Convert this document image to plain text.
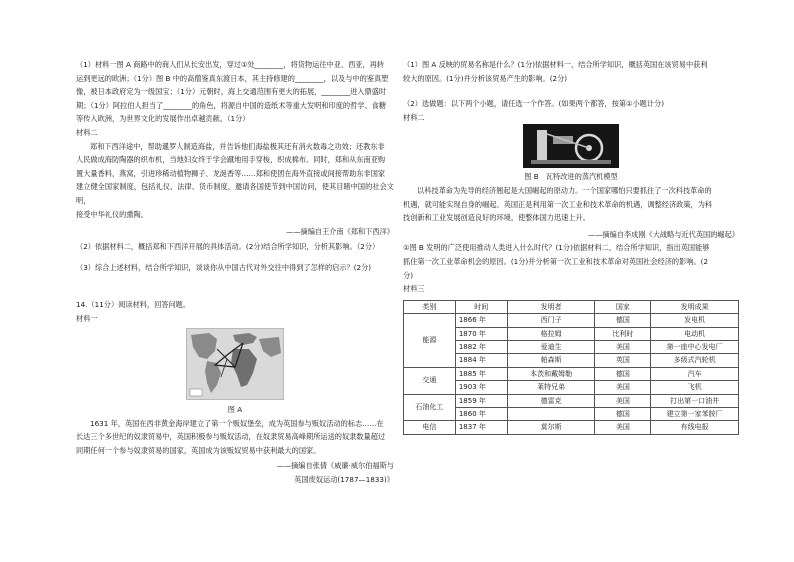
（1）材料一图 A 商路中的商人们从长安出发，穿过①处________，将货物运往中亚、西亚，再转

运到更远的欧洲；（1分）图 B 中的高僧鉴真东渡日本，其主持修建的________，以及与中的鉴真塑

像，被日本政府定为一级国宝；（1分）元朝时，海上交通范围有更大的拓展，________进入鼎盛时

期；（1分）阿拉伯人担当了________的角色，将源自中国的造纸术等重大发明和印度的哲学、食糖

等传入欧洲，为世界文化的发展作出卓越贡献。（1分）

材料二

郑和下西洋途中，帮助暹罗人制造海盐，并告诉他们海盐极其还有消火数毒之功效；还教东非

人民做成海防陶器的织布机，当地妇女终于学会蹴地用手穿梭，织成棉布。同时，郑和从东南亚购

置大量香料，燕窝，引进珍稀动植物狮子、龙涎香等……郑和使团在海外直接或间接帮助东非国家

建立健全国家制度，包括礼仪、法律、货币制度，邀请各国使节到中国访问，使其目睹中国的社会文明，

接受中华礼仪的熏陶。

——摘编自王介南《郑和下西洋》

（2）依据材料二，概括郑和下西洋开展的具体活动。(2分)结合所学知识，分析其影响。（2分）

（3）综合上述材料，结合所学知识，谈谈你从中国古代对外交往中得到了怎样的启示？(2分)

14.（11分）阅读材料，回答问题。

材料一

图 A

1631 年，英国在西非黄金海岸建立了第一个贩奴堡垒，成为英国参与贩奴活动的标志……在

长达三个多世纪的奴隶贸易中，英国积极参与贩奴活动，在奴隶贸易高峰期所运送的奴隶数量超过

同期任何一个参与奴隶贸易的国家，英国成为该贩奴贸易中获利最大的国家。

——摘编自张倩《威廉·威尔伯福斯与

英国废奴运动(1787—1833)》

（1）图 A 反映的贸易名称是什么？(1分)依据材料一，结合所学知识，概括英国在该贸易中获利

较大的原因。(1分)并分析该贸易产生的影响。(2分)

（2）选做题：以下两个小题，请任选一个作答。(如果两个都答，按第①小题计分)

材料二

图 B　瓦特改进的蒸汽机模型

以科技革命为先导的经济翘起是大国崛起的原动力。一个国家哪怕只要抓住了一次科技革命的

机遇，就可能实现自身的崛起。英国正是利用第一次工业和技术革命的机遇，调整经济政策，为科

技创新和工业发展创造良好的环境，使整体国力迅速上升。

——摘编自李成刚《大战略与近代英国的崛起》

①图 B 发明的广泛使用推动人类进入什么时代？(1分)依据材料二，结合所学知识，指出英国能够

抓住第一次工业革命机会的原因。(1分)并分析第一次工业和技术革命对英国社会经济的影响。(2

分)

材料三

类别	时间	发明者	国家	发明成果
能源	1866 年	西门子	德国	发电机
	1870 年	格拉姆	比利时	电动机
	1882 年	爱迪生	美国	第一座中心发电厂
	1884 年	帕森斯	英国	多级式汽轮机
交通	1885 年	本茨和戴姆勒	德国	汽车
	1903 年	莱特兄弟	美国	飞机
石油化工	1859 年	德雷克	美国	打出第一口油井
	1860 年		德国	建立第一家苯胺厂
电信	1837 年	莫尔斯	美国	有线电报
